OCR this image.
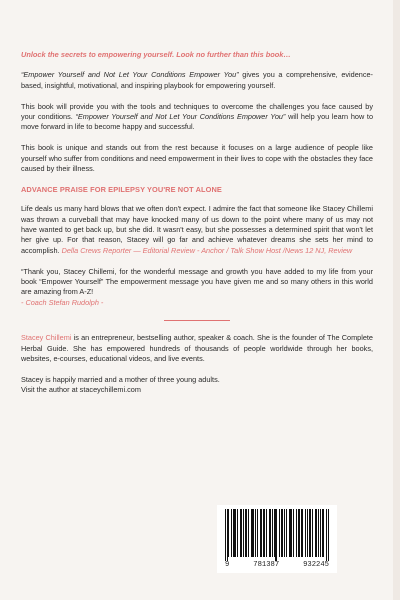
Unlock the secrets to empowering yourself. Look no further than this book…

“Empower Yourself and Not Let Your Conditions Empower You” gives you a comprehensive, evidence-based, insightful, motivational, and inspiring playbook for empowering yourself.

This book will provide you with the tools and techniques to overcome the challenges you face caused by your conditions. “Empower Yourself and Not Let Your Conditions Empower You” will help you learn how to move forward in life to become happy and successful.

This book is unique and stands out from the rest because it focuses on a large audience of people like yourself who suffer from conditions and need empowerment in their lives to cope with the obstacles they face caused by their illness.

ADVANCE PRAISE FOR EPILEPSY YOU'RE NOT ALONE

Life deals us many hard blows that we often don't expect. I admire the fact that someone like Stacey Chillemi was thrown a curveball that may have knocked many of us down to the point where many of us may not have wanted to get back up, but she did. It wasn't easy, but she possesses a determined spirit that won't let her give up. For that reason, Stacey will go far and achieve whatever dreams she sets her mind to accomplish. Della Crews Reporter — Editorial Review - Anchor / Talk Show Host /News 12 NJ, Review

“Thank you, Stacey Chillemi, for the wonderful message and growth you have added to my life from your book “Empower Yourself” The empowerment message you have given me and so many others in this world are amazing from A-Z!
- Coach Stefan Rudolph -

Stacey Chillemi is an entrepreneur, bestselling author, speaker & coach. She is the founder of The Complete Herbal Guide. She has empowered hundreds of thousands of people worldwide through her books, websites, e-courses, educational videos, and live events.

Stacey is happily married and a mother of three young adults.
Visit the author at staceychillemi.com

9	781387	932245
